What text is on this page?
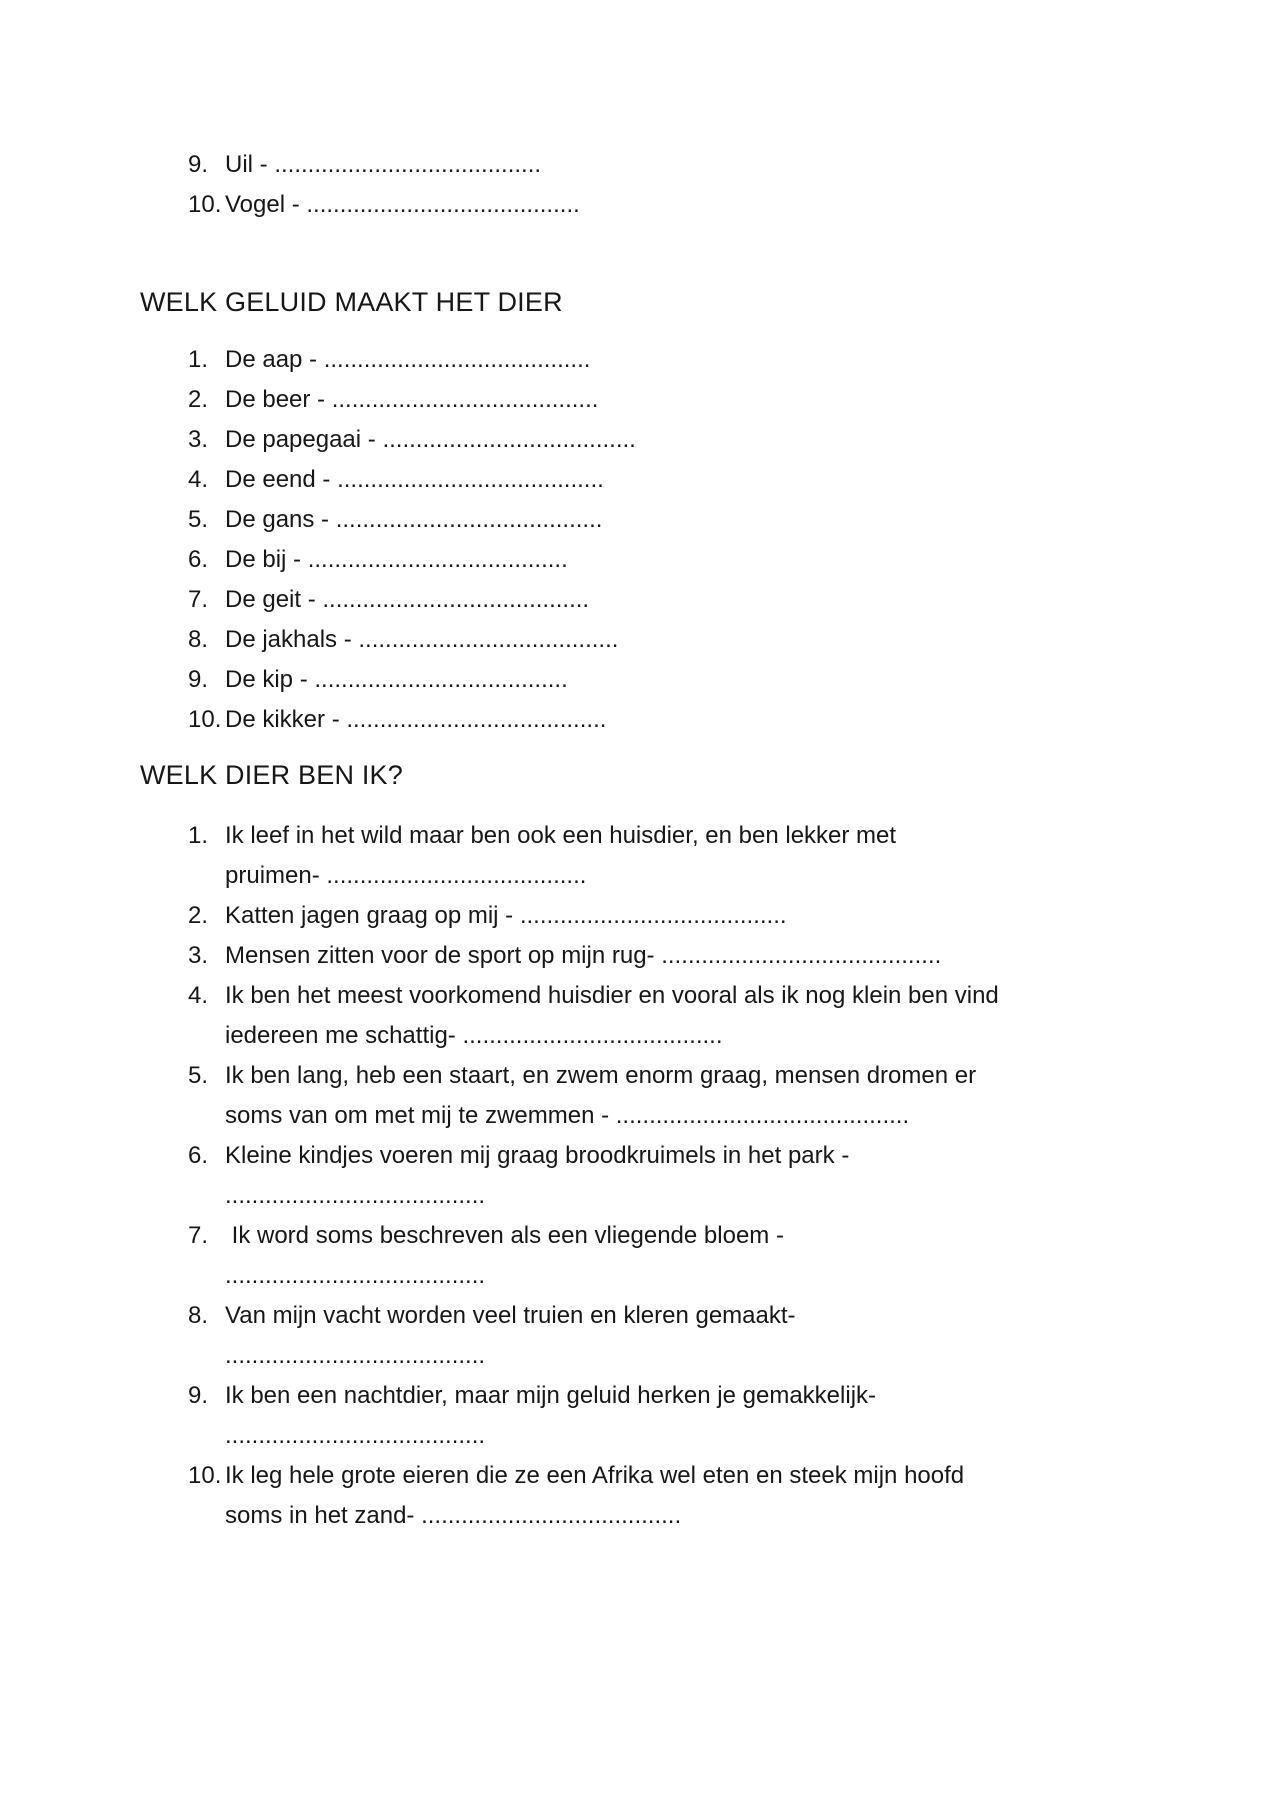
9. Uil - ........................................
10. Vogel - .........................................
WELK GELUID MAAKT HET DIER
1. De aap - ........................................
2. De beer - ........................................
3. De papegaai - ......................................
4. De eend - ........................................
5. De gans - ........................................
6. De bij - .......................................
7. De geit - ........................................
8. De jakhals - .......................................
9. De kip - ......................................
10. De kikker - .......................................
WELK DIER BEN IK?
1. Ik leef in het wild maar ben ook een huisdier, en ben lekker met
pruimen- .......................................
2. Katten jagen graag op mij - ........................................
3. Mensen zitten voor de sport op mijn rug- ..........................................
4. Ik ben het meest voorkomend huisdier en vooral als ik nog klein ben vind
iedereen me schattig- .......................................
5. Ik ben lang, heb een staart, en zwem enorm graag, mensen dromen er
soms van om met mij te zwemmen - ............................................
6. Kleine kindjes voeren mij graag broodkruimels in het park -
.......................................
7. Ik word soms beschreven als een vliegende bloem -
.......................................
8. Van mijn vacht worden veel truien en kleren gemaakt-
.......................................
9. Ik ben een nachtdier, maar mijn geluid herken je gemakkelijk-
.......................................
10. Ik leg hele grote eieren die ze een Afrika wel eten en steek mijn hoofd
soms in het zand- .......................................
